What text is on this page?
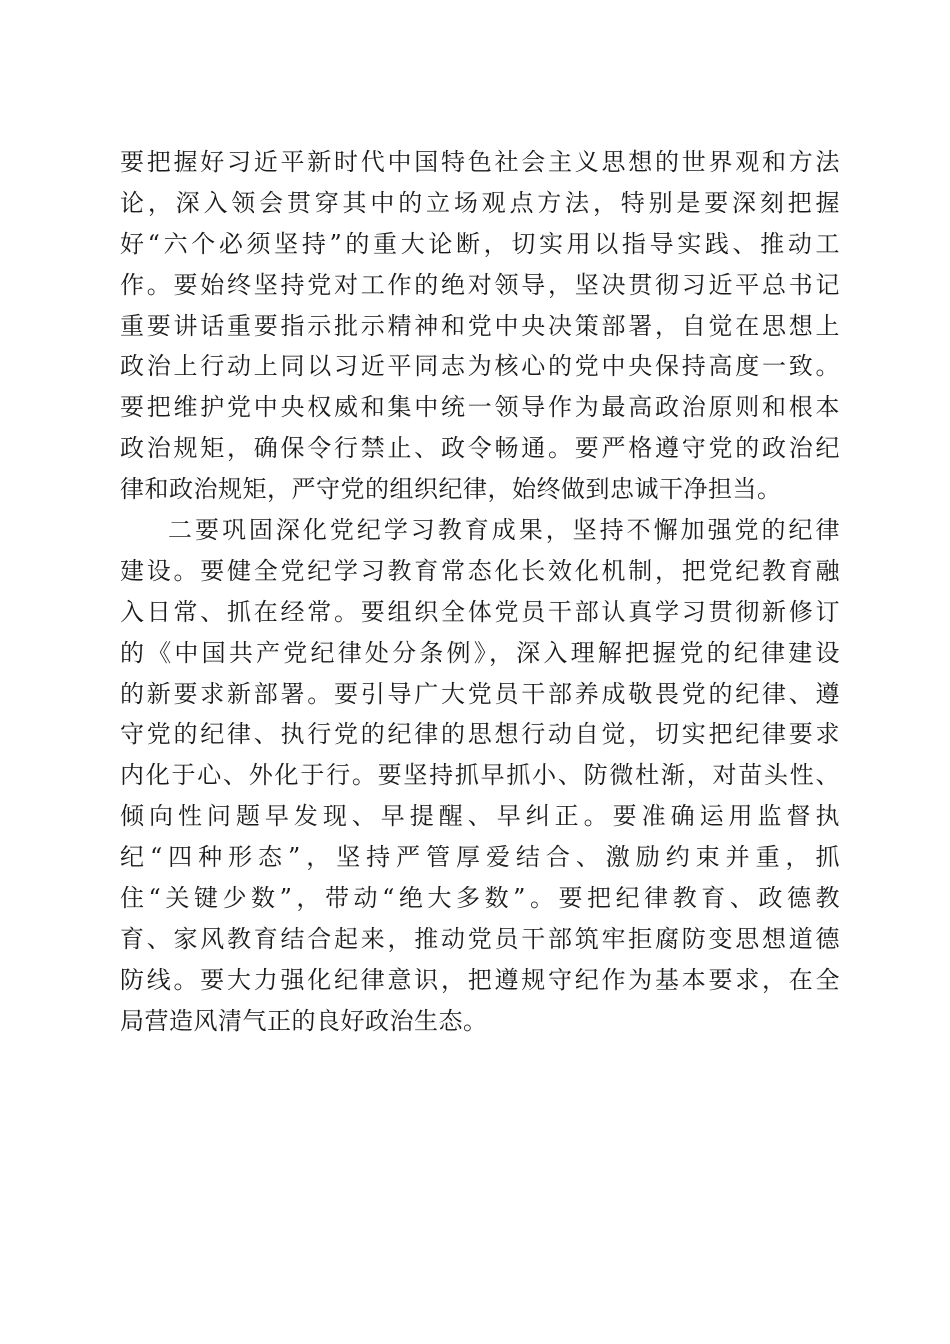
要把握好习近平新时代中国特色社会主义思想的世界观和方法
论，深入领会贯穿其中的立场观点方法，特别是要深刻把握
好“六个必须坚持”的重大论断，切实用以指导实践、推动工
作。要始终坚持党对工作的绝对领导，坚决贯彻习近平总书记
重要讲话重要指示批示精神和党中央决策部署，自觉在思想上
政治上行动上同以习近平同志为核心的党中央保持高度一致。
要把维护党中央权威和集中统一领导作为最高政治原则和根本
政治规矩，确保令行禁止、政令畅通。要严格遵守党的政治纪
律和政治规矩，严守党的组织纪律，始终做到忠诚干净担当。
二要巩固深化党纪学习教育成果，坚持不懈加强党的纪律
建设。要健全党纪学习教育常态化长效化机制，把党纪教育融
入日常、抓在经常。要组织全体党员干部认真学习贯彻新修订
的《中国共产党纪律处分条例》，深入理解把握党的纪律建设
的新要求新部署。要引导广大党员干部养成敬畏党的纪律、遵
守党的纪律、执行党的纪律的思想行动自觉，切实把纪律要求
内化于心、外化于行。要坚持抓早抓小、防微杜渐，对苗头性、
倾向性问题早发现、早提醒、早纠正。要准确运用监督执
纪“四种形态”，坚持严管厚爱结合、激励约束并重，抓
住“关键少数”，带动“绝大多数”。要把纪律教育、政德教
育、家风教育结合起来，推动党员干部筑牢拒腐防变思想道德
防线。要大力强化纪律意识，把遵规守纪作为基本要求，在全
局营造风清气正的良好政治生态。
